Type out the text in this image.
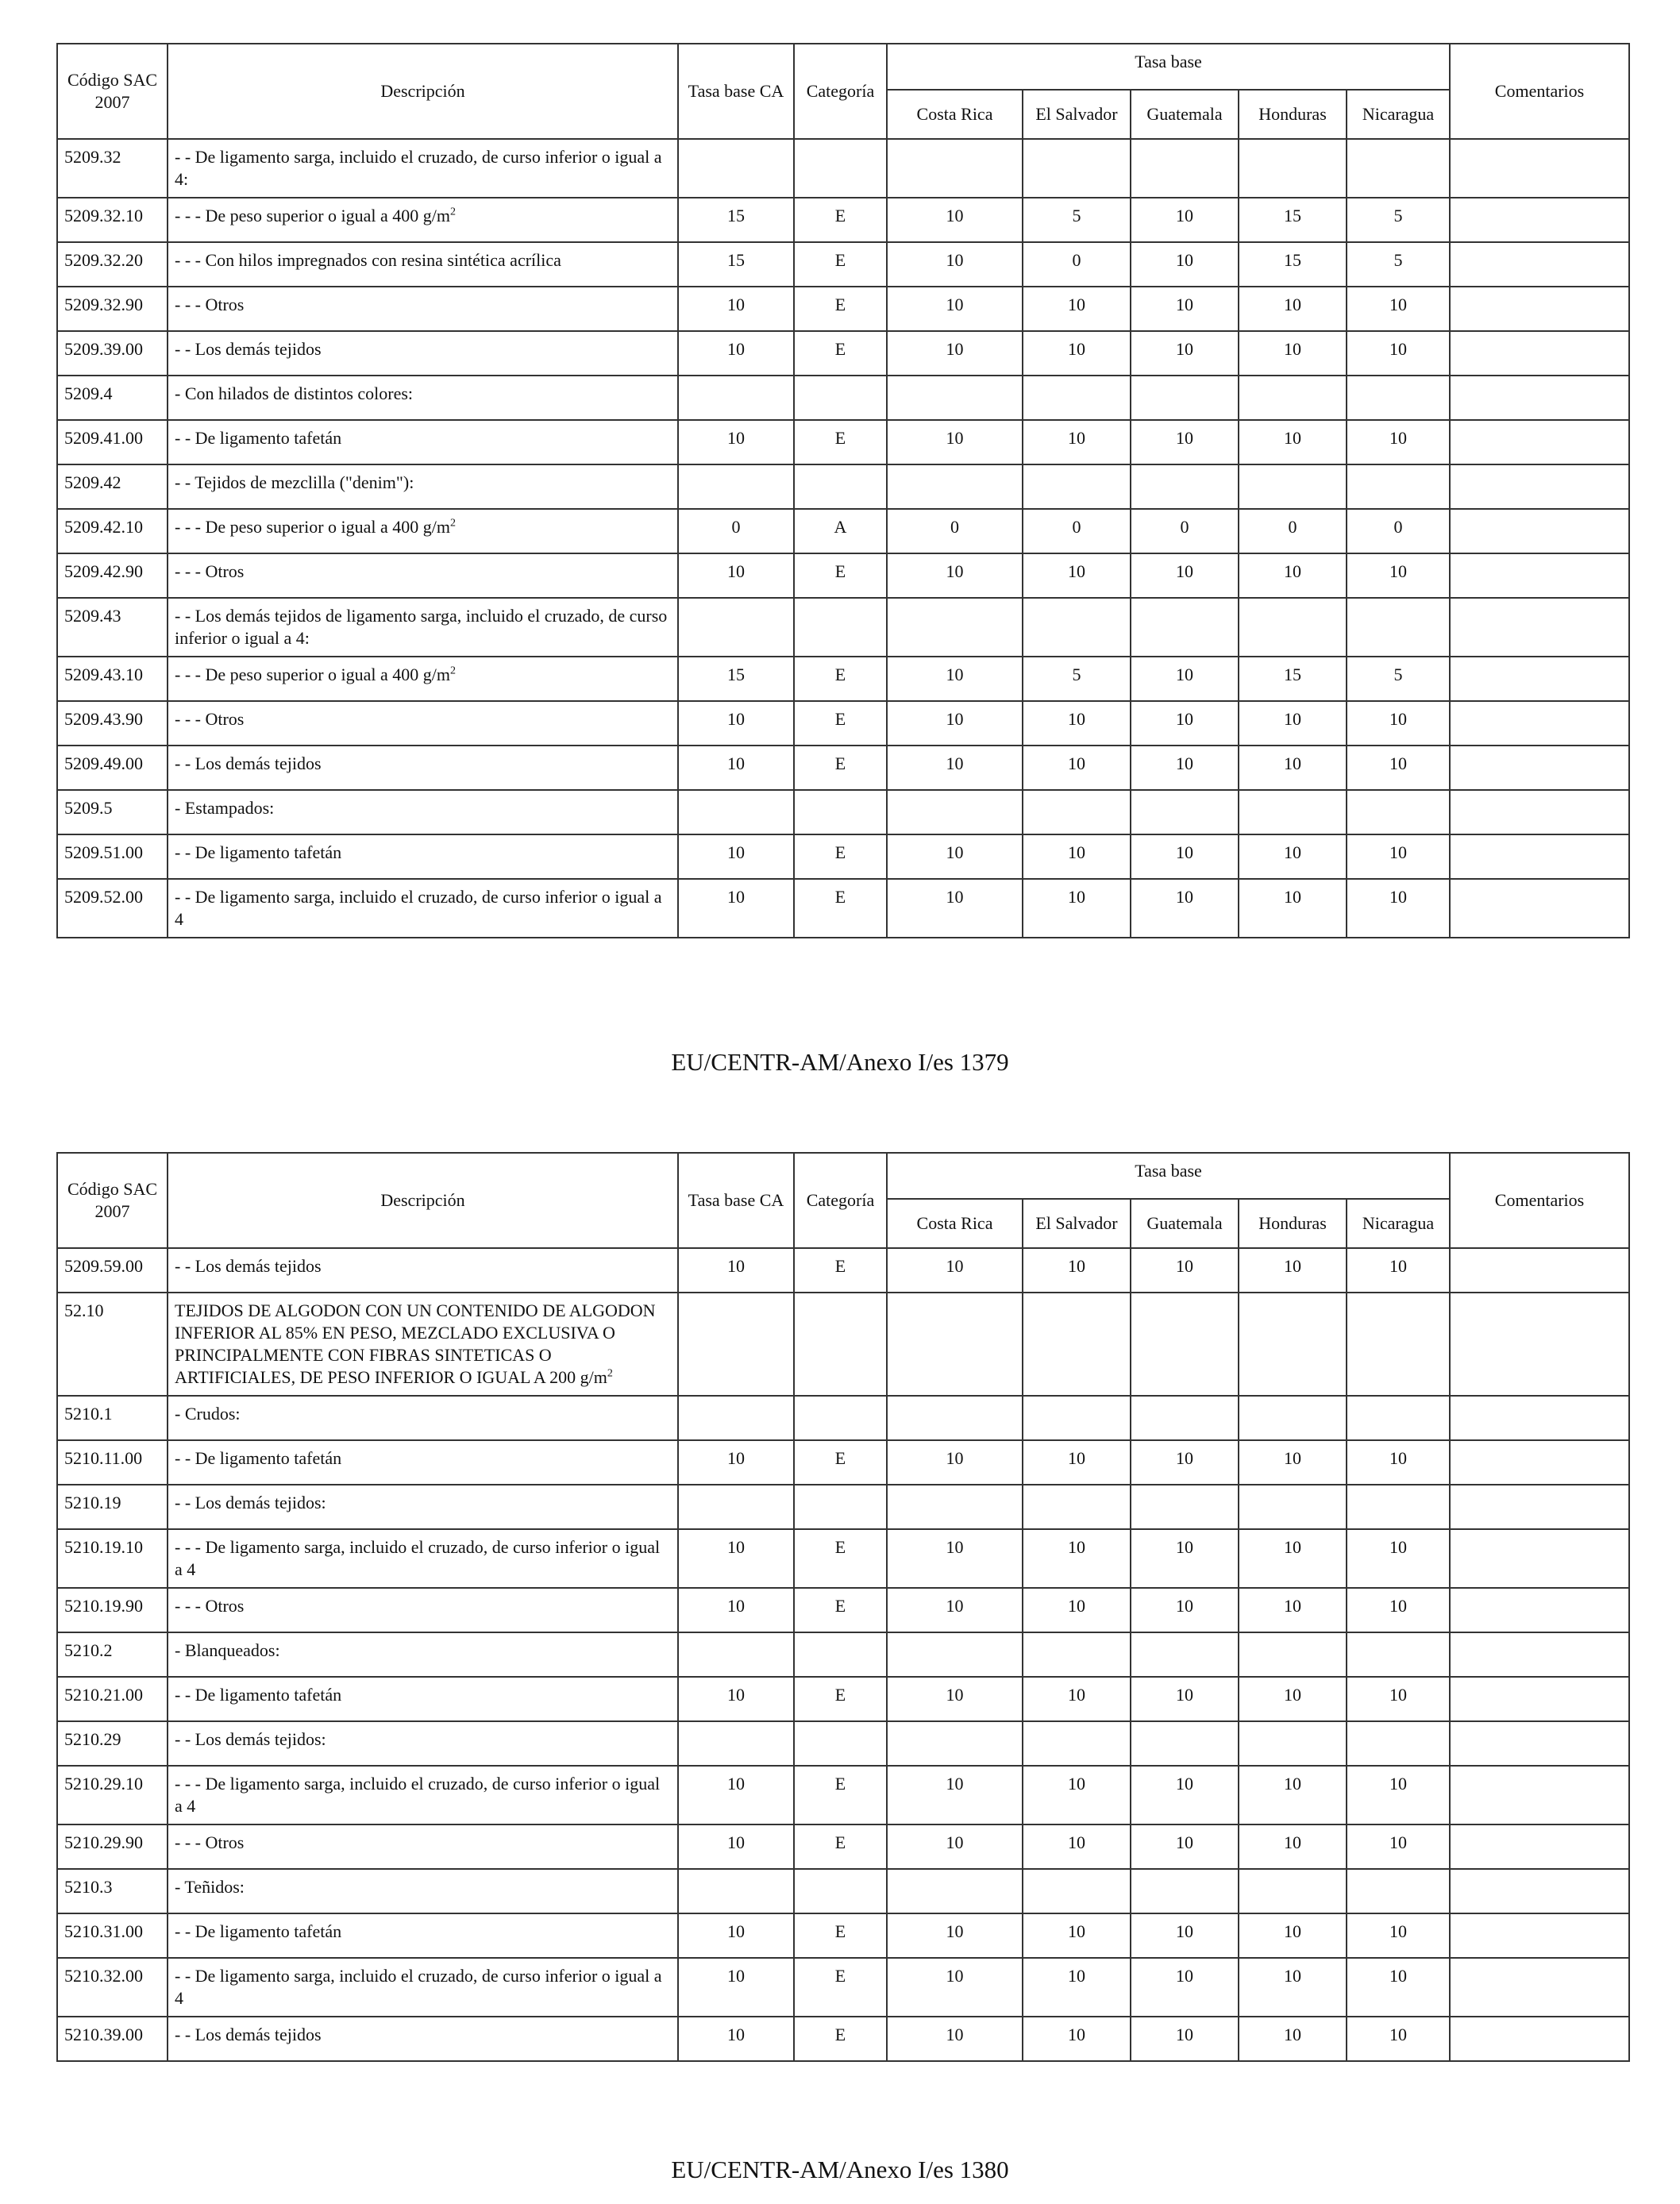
Código SAC 2007	Descripción	Tasa base CA	Categoría	Tasa base					Comentarios
				Costa Rica	El Salvador	Guatemala	Honduras	Nicaragua	
5209.32	- - De ligamento sarga, incluido el cruzado, de curso inferior o igual a 4:								
5209.32.10	- - - De peso superior o igual a 400 $g/m^2$	15	E	10	5	10	15	5	
5209.32.20	- - - Con hilos impregnados con resina sintética acrílica	15	E	10	0	10	15	5	
5209.32.90	- - - Otros	10	E	10	10	10	10	10	
5209.39.00	- - Los demás tejidos	10	E	10	10	10	10	10	
5209.4	- Con hilados de distintos colores:								
5209.41.00	- - De ligamento tafetán	10	E	10	10	10	10	10	
5209.42	- - Tejidos de mezclilla ("denim"):								
5209.42.10	- - - De peso superior o igual a 400 $g/m^2$	0	A	0	0	0	0	0	
5209.42.90	- - - Otros	10	E	10	10	10	10	10	
5209.43	- - Los demás tejidos de ligamento sarga, incluido el cruzado, de curso inferior o igual a 4:								
5209.43.10	- - - De peso superior o igual a 400 $g/m^2$	15	E	10	5	10	15	5	
5209.43.90	- - - Otros	10	E	10	10	10	10	10	
5209.49.00	- - Los demás tejidos	10	E	10	10	10	10	10	
5209.5	- Estampados:								
5209.51.00	- - De ligamento tafetán	10	E	10	10	10	10	10	
5209.52.00	- - De ligamento sarga, incluido el cruzado, de curso inferior o igual a 4	10	E	10	10	10	10	10	
EU/CENTR-AM/Anexo I/es 1379
Código SAC 2007	Descripción	Tasa base CA	Categoría	Tasa base					Comentarios
				Costa Rica	El Salvador	Guatemala	Honduras	Nicaragua	
5209.59.00	- - Los demás tejidos	10	E	10	10	10	10	10	
52.10	TEJIDOS DE ALGODON CON UN CONTENIDO DE ALGODON INFERIOR AL 85% EN PESO, MEZCLADO EXCLUSIVA O PRINCIPALMENTE CON FIBRAS SINTETICAS O ARTIFICIALES, DE PESO INFERIOR O IGUAL A 200 $g/m^2$								
5210.1	- Crudos:								
5210.11.00	- - De ligamento tafetán	10	E	10	10	10	10	10	
5210.19	- - Los demás tejidos:								
5210.19.10	- - - De ligamento sarga, incluido el cruzado, de curso inferior o igual a 4	10	E	10	10	10	10	10	
5210.19.90	- - - Otros	10	E	10	10	10	10	10	
5210.2	- Blanqueados:								
5210.21.00	- - De ligamento tafetán	10	E	10	10	10	10	10	
5210.29	- - Los demás tejidos:								
5210.29.10	- - - De ligamento sarga, incluido el cruzado, de curso inferior o igual a 4	10	E	10	10	10	10	10	
5210.29.90	- - - Otros	10	E	10	10	10	10	10	
5210.3	- Teñidos:								
5210.31.00	- - De ligamento tafetán	10	E	10	10	10	10	10	
5210.32.00	- - De ligamento sarga, incluido el cruzado, de curso inferior o igual a 4	10	E	10	10	10	10	10	
5210.39.00	- - Los demás tejidos	10	E	10	10	10	10	10	
EU/CENTR-AM/Anexo I/es 1380
